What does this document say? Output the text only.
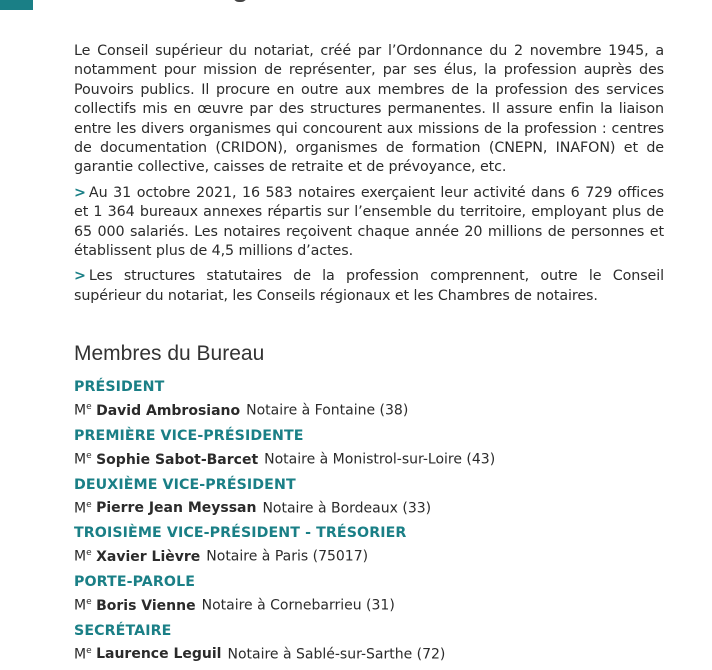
Le Conseil supérieur du notariat, créé par l’Ordonnance du 2 novembre 1945, a notamment pour mission de représenter, par ses élus, la profession auprès des Pouvoirs publics. Il procure en outre aux membres de la profession des services collectifs mis en œuvre par des structures permanentes. Il assure enfin la liaison entre les divers organismes qui concourent aux missions de la profession : centres de documentation (CRIDON), organismes de formation (CNEPN, INAFON) et de garantie collective, caisses de retraite et de prévoyance, etc.

> Au 31 octobre 2021, 16 583 notaires exerçaient leur activité dans 6 729 offices et 1 364 bureaux annexes répartis sur l’ensemble du territoire, employant plus de 65 000 salariés. Les notaires reçoivent chaque année 20 millions de personnes et établissent plus de 4,5 millions d’actes.

> Les structures statutaires de la profession comprennent, outre le Conseil supérieur du notariat, les Conseils régionaux et les Chambres de notaires.

Membres du Bureau
PRÉSIDENT
Me David Ambrosiano Notaire à Fontaine (38)
PREMIÈRE VICE-PRÉSIDENTE
Me Sophie Sabot-Barcet Notaire à Monistrol-sur-Loire (43)
DEUXIÈME VICE-PRÉSIDENT
Me Pierre Jean Meyssan Notaire à Bordeaux (33)
TROISIÈME VICE-PRÉSIDENT - TRÉSORIER
Me Xavier Lièvre Notaire à Paris (75017)
PORTE-PAROLE
Me Boris Vienne Notaire à Cornebarrieu (31)
SECRÉTAIRE
Me Laurence Leguil Notaire à Sablé-sur-Sarthe (72)
